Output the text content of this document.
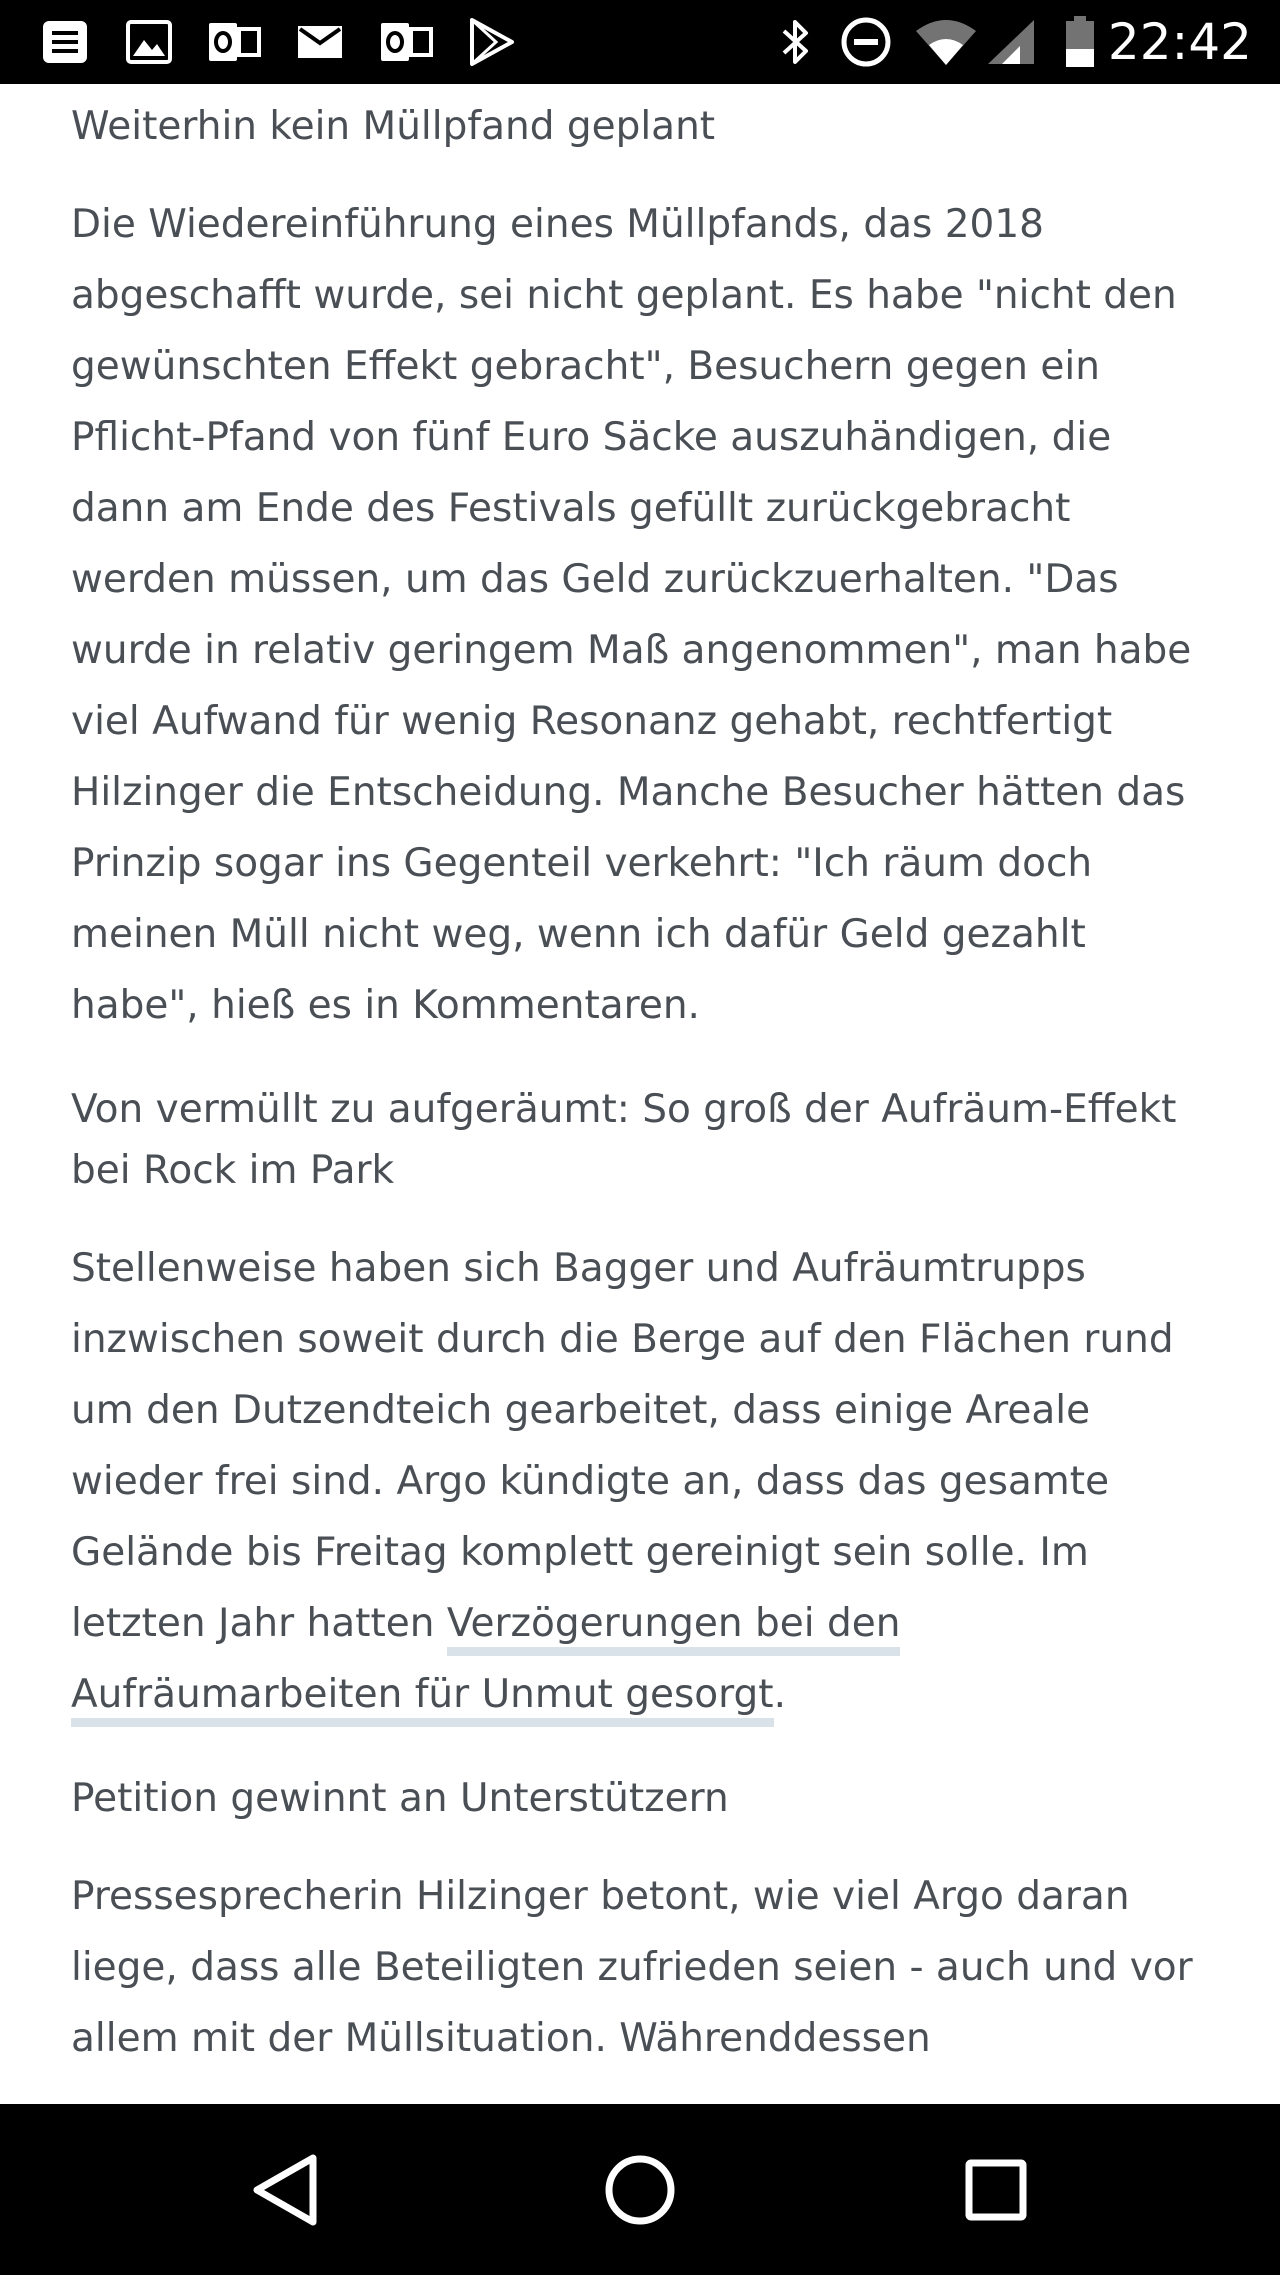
22:42

Weiterhin kein Müllpfand geplant

Die Wiedereinführung eines Müllpfands, das 2018 abgeschafft wurde, sei nicht geplant. Es habe "nicht den gewünschten Effekt gebracht", Besuchern gegen ein Pflicht-Pfand von fünf Euro Säcke auszuhändigen, die dann am Ende des Festivals gefüllt zurückgebracht werden müssen, um das Geld zurückzuerhalten. "Das wurde in relativ geringem Maß angenommen", man habe viel Aufwand für wenig Resonanz gehabt, rechtfertigt Hilzinger die Entscheidung. Manche Besucher hätten das Prinzip sogar ins Gegenteil verkehrt: "Ich räum doch meinen Müll nicht weg, wenn ich dafür Geld gezahlt habe", hieß es in Kommentaren.

Von vermüllt zu aufgeräumt: So groß der Aufräum-Effekt bei Rock im Park

Stellenweise haben sich Bagger und Aufräumtrupps inzwischen soweit durch die Berge auf den Flächen rund um den Dutzendteich gearbeitet, dass einige Areale wieder frei sind. Argo kündigte an, dass das gesamte Gelände bis Freitag komplett gereinigt sein solle. Im letzten Jahr hatten Verzögerungen bei den Aufräumarbeiten für Unmut gesorgt.

Petition gewinnt an Unterstützern

Pressesprecherin Hilzinger betont, wie viel Argo daran liege, dass alle Beteiligten zufrieden seien - auch und vor allem mit der Müllsituation. Währenddessen
